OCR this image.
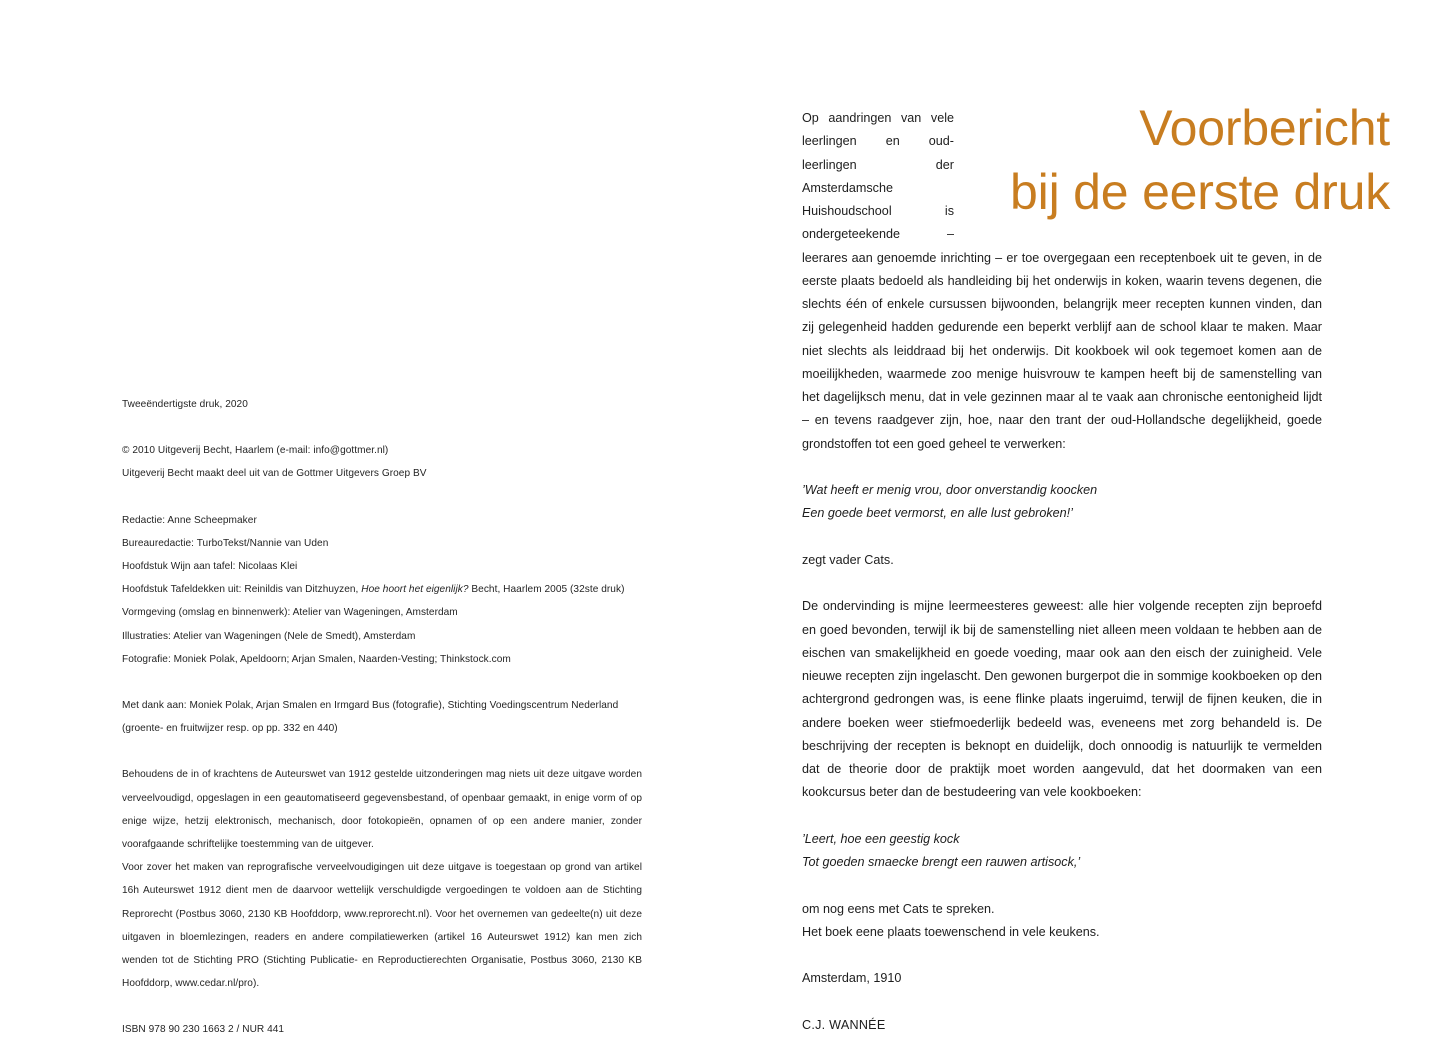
Tweeëndertigste druk, 2020
© 2010 Uitgeverij Becht, Haarlem (e-mail: info@gottmer.nl)
Uitgeverij Becht maakt deel uit van de Gottmer Uitgevers Groep BV
Redactie: Anne Scheepmaker
Bureauredactie: TurboTekst/Nannie van Uden
Hoofdstuk Wijn aan tafel: Nicolaas Klei
Hoofdstuk Tafeldekken uit: Reinildis van Ditzhuyzen, Hoe hoort het eigenlijk? Becht, Haarlem 2005 (32ste druk)
Vormgeving (omslag en binnenwerk): Atelier van Wageningen, Amsterdam
Illustraties: Atelier van Wageningen (Nele de Smedt), Amsterdam
Fotografie: Moniek Polak, Apeldoorn; Arjan Smalen, Naarden-Vesting; Thinkstock.com

Met dank aan: Moniek Polak, Arjan Smalen en Irmgard Bus (fotografie), Stichting Voedingscentrum Nederland (groente- en fruitwijzer resp. op pp. 332 en 440)

Behoudens de in of krachtens de Auteurswet van 1912 gestelde uitzonderingen mag niets uit deze uitgave worden verveelvoudigd, opgeslagen in een geautomatiseerd gegevensbestand, of openbaar gemaakt, in enige vorm of op enige wijze, hetzij elektronisch, mechanisch, door fotokopieën, opnamen of op een andere manier, zonder voorafgaande schriftelijke toestemming van de uitgever.

Voor zover het maken van reprografische verveelvoudigingen uit deze uitgave is toegestaan op grond van artikel 16h Auteurswet 1912 dient men de daarvoor wettelijk verschuldigde vergoedingen te voldoen aan de Stichting Reprorecht (Postbus 3060, 2130 KB Hoofddorp, www.reprorecht.nl). Voor het overnemen van gedeelte(n) uit deze uitgaven in bloemlezingen, readers en andere compilatiewerken (artikel 16 Auteurswet 1912) kan men zich wenden tot de Stichting PRO (Stichting Publicatie- en Reproductierechten Organisatie, Postbus 3060, 2130 KB Hoofddorp, www.cedar.nl/pro).

ISBN 978 90 230 1663 2 / NUR 441
Voorbericht
bij de eerste druk

Op aandringen van vele leerlingen en oud-leerlingen der Amsterdamsche Huishoudschool is ondergeteekende – leerares aan genoemde inrichting – er toe overgegaan een receptenboek uit te geven, in de eerste plaats bedoeld als handleiding bij het onderwijs in koken, waarin tevens degenen, die slechts één of enkele cursussen bijwoonden, belangrijk meer recepten kunnen vinden, dan zij gelegenheid hadden gedurende een beperkt verblijf aan de school klaar te maken. Maar niet slechts als leiddraad bij het onderwijs. Dit kookboek wil ook tegemoet komen aan de moeilijkheden, waarmede zoo menige huisvrouw te kampen heeft bij de samenstelling van het dagelijksch menu, dat in vele gezinnen maar al te vaak aan chronische eentonigheid lijdt – en tevens raadgever zijn, hoe, naar den trant der oud-Hollandsche degelijkheid, goede grondstoffen tot een goed geheel te verwerken:

’Wat heeft er menig vrou, door onverstandig koocken
Een goede beet vermorst, en alle lust gebroken!’

zegt vader Cats.

De ondervinding is mijne leermeesteres geweest: alle hier volgende recepten zijn beproefd en goed bevonden, terwijl ik bij de samenstelling niet alleen meen voldaan te hebben aan de eischen van smakelijkheid en goede voeding, maar ook aan den eisch der zuinigheid. Vele nieuwe recepten zijn ingelascht. Den gewonen burgerpot die in sommige kookboeken op den achtergrond gedrongen was, is eene flinke plaats ingeruimd, terwijl de fijnen keuken, die in andere boeken weer stiefmoederlijk bedeeld was, eveneens met zorg behandeld is. De beschrijving der recepten is beknopt en duidelijk, doch onnoodig is natuurlijk te vermelden dat de theorie door de praktijk moet worden aangevuld, dat het doormaken van een kookcursus beter dan de bestudeering van vele kookboeken:

’Leert, hoe een geestig kock
Tot goeden smaecke brengt een rauwen artisock,’

om nog eens met Cats te spreken.

Het boek eene plaats toewenschend in vele keukens.

Amsterdam, 1910

C.J. WANNÉE
